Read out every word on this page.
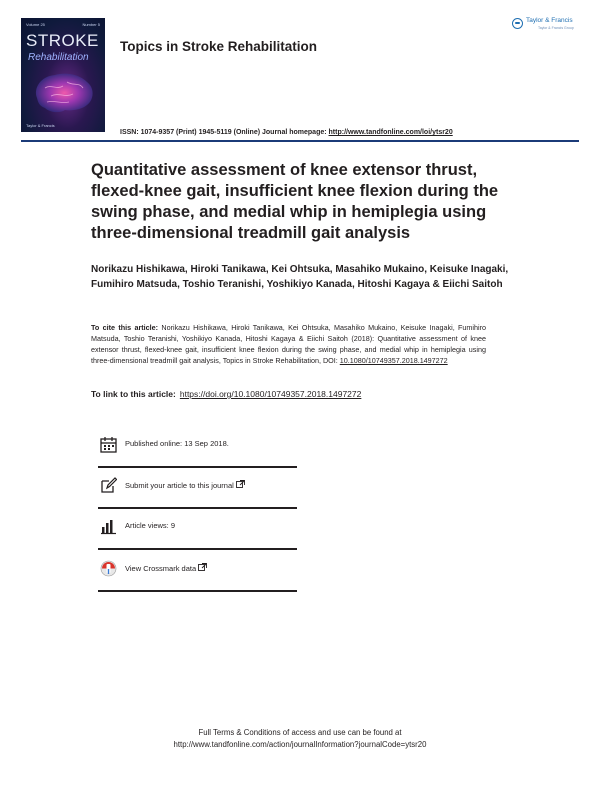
Volume 25	Number 5
STROKE
Rehabilitation
Taylor & Francis
Topics in Stroke Rehabilitation
Taylor & Francis
Taylor & Francis Group
ISSN: 1074-9357 (Print) 1945-5119 (Online) Journal homepage: http://www.tandfonline.com/loi/ytsr20
Quantitative assessment of knee extensor thrust, flexed-knee gait, insufficient knee flexion during the swing phase, and medial whip in hemiplegia using three-dimensional treadmill gait analysis
Norikazu Hishikawa, Hiroki Tanikawa, Kei Ohtsuka, Masahiko Mukaino, Keisuke Inagaki, Fumihiro Matsuda, Toshio Teranishi, Yoshikiyo Kanada, Hitoshi Kagaya & Eiichi Saitoh
To cite this article: Norikazu Hishikawa, Hiroki Tanikawa, Kei Ohtsuka, Masahiko Mukaino, Keisuke Inagaki, Fumihiro Matsuda, Toshio Teranishi, Yoshikiyo Kanada, Hitoshi Kagaya & Eiichi Saitoh (2018): Quantitative assessment of knee extensor thrust, flexed-knee gait, insufficient knee flexion during the swing phase, and medial whip in hemiplegia using three-dimensional treadmill gait analysis, Topics in Stroke Rehabilitation, DOI: 10.1080/10749357.2018.1497272
To link to this article: https://doi.org/10.1080/10749357.2018.1497272
Published online: 13 Sep 2018.
Submit your article to this journal
Article views: 9
View Crossmark data
Full Terms & Conditions of access and use can be found at
http://www.tandfonline.com/action/journalInformation?journalCode=ytsr20
